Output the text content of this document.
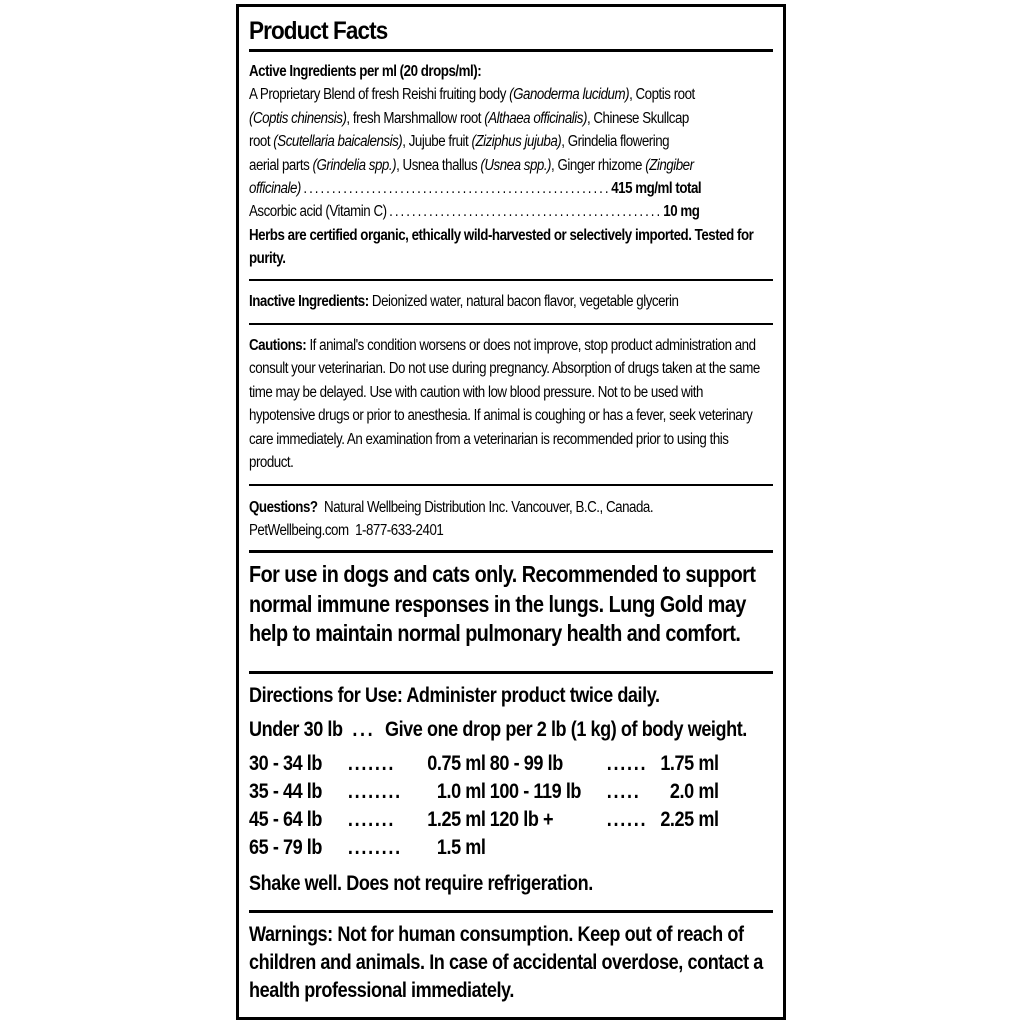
Product Facts
Active Ingredients per ml (20 drops/ml):
A Proprietary Blend of fresh Reishi fruiting body (Ganoderma lucidum), Coptis root
(Coptis chinensis), fresh Marshmallow root (Althaea officinalis), Chinese Skullcap
root (Scutellaria baicalensis), Jujube fruit (Ziziphus jujuba), Grindelia flowering
aerial parts (Grindelia spp.), Usnea thallus (Usnea spp.), Ginger rhizome (Zingiber
officinale) . . .	415 mg/ml total
Ascorbic acid (Vitamin C) . . .	10 mg
Herbs are certified organic, ethically wild-harvested or selectively imported. Tested for purity.
Inactive Ingredients: Deionized water, natural bacon flavor, vegetable glycerin
Cautions: If animal's condition worsens or does not improve, stop product administration and consult your veterinarian. Do not use during pregnancy. Absorption of drugs taken at the same time may be delayed. Use with caution with low blood pressure. Not to be used with hypotensive drugs or prior to anesthesia. If animal is coughing or has a fever, seek veterinary care immediately. An examination from a veterinarian is recommended prior to using this product.
Questions?  Natural Wellbeing Distribution Inc. Vancouver, B.C., Canada.
PetWellbeing.com  1-877-633-2401
For use in dogs and cats only. Recommended to support normal immune responses in the lungs. Lung Gold may help to maintain normal pulmonary health and comfort.
Directions for Use: Administer product twice daily.
Under 30 lb ... Give one drop per 2 lb (1 kg) of body weight.
30 - 34 lb	.......	0.75 ml
35 - 44 lb	........	1.0 ml
45 - 64 lb	.......	1.25 ml
65 - 79 lb	........	1.5 ml
80 - 99 lb	...... 1.75 ml
100 - 119 lb	.....	2.0 ml
120 lb +	...... 2.25 ml
Shake well. Does not require refrigeration.
Warnings: Not for human consumption. Keep out of reach of children and animals. In case of accidental overdose, contact a health professional immediately.
